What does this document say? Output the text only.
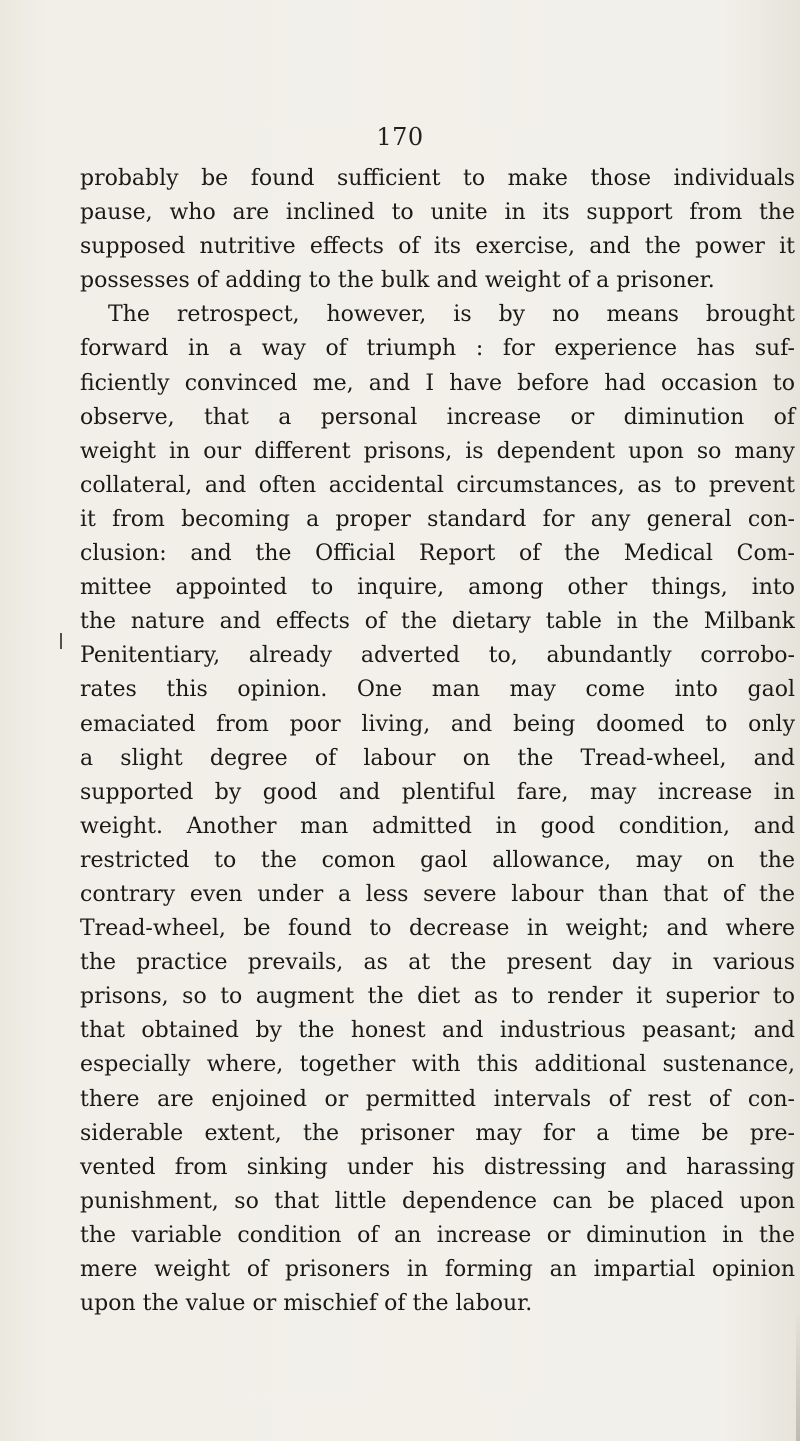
170
probably be found sufficient to make those individuals
pause, who are inclined to unite in its support from the
supposed nutritive effects of its exercise, and the power it
possesses of adding to the bulk and weight of a prisoner.
The retrospect, however, is by no means brought
forward in a way of triumph : for experience has suf-
ficiently convinced me, and I have before had occasion to
observe, that a personal increase or diminution of
weight in our different prisons, is dependent upon so many
collateral, and often accidental circumstances, as to prevent
it from becoming a proper standard for any general con-
clusion: and the Official Report of the Medical Com-
mittee appointed to inquire, among other things, into
the nature and effects of the dietary table in the Milbank
Penitentiary, already adverted to, abundantly corrobo-
rates this opinion. One man may come into gaol
emaciated from poor living, and being doomed to only
a slight degree of labour on the Tread-wheel, and
supported by good and plentiful fare, may increase in
weight. Another man admitted in good condition, and
restricted to the comon gaol allowance, may on the
contrary even under a less severe labour than that of the
Tread-wheel, be found to decrease in weight; and where
the practice prevails, as at the present day in various
prisons, so to augment the diet as to render it superior to
that obtained by the honest and industrious peasant; and
especially where, together with this additional sustenance,
there are enjoined or permitted intervals of rest of con-
siderable extent, the prisoner may for a time be pre-
vented from sinking under his distressing and harassing
punishment, so that little dependence can be placed upon
the variable condition of an increase or diminution in the
mere weight of prisoners in forming an impartial opinion
upon the value or mischief of the labour.
